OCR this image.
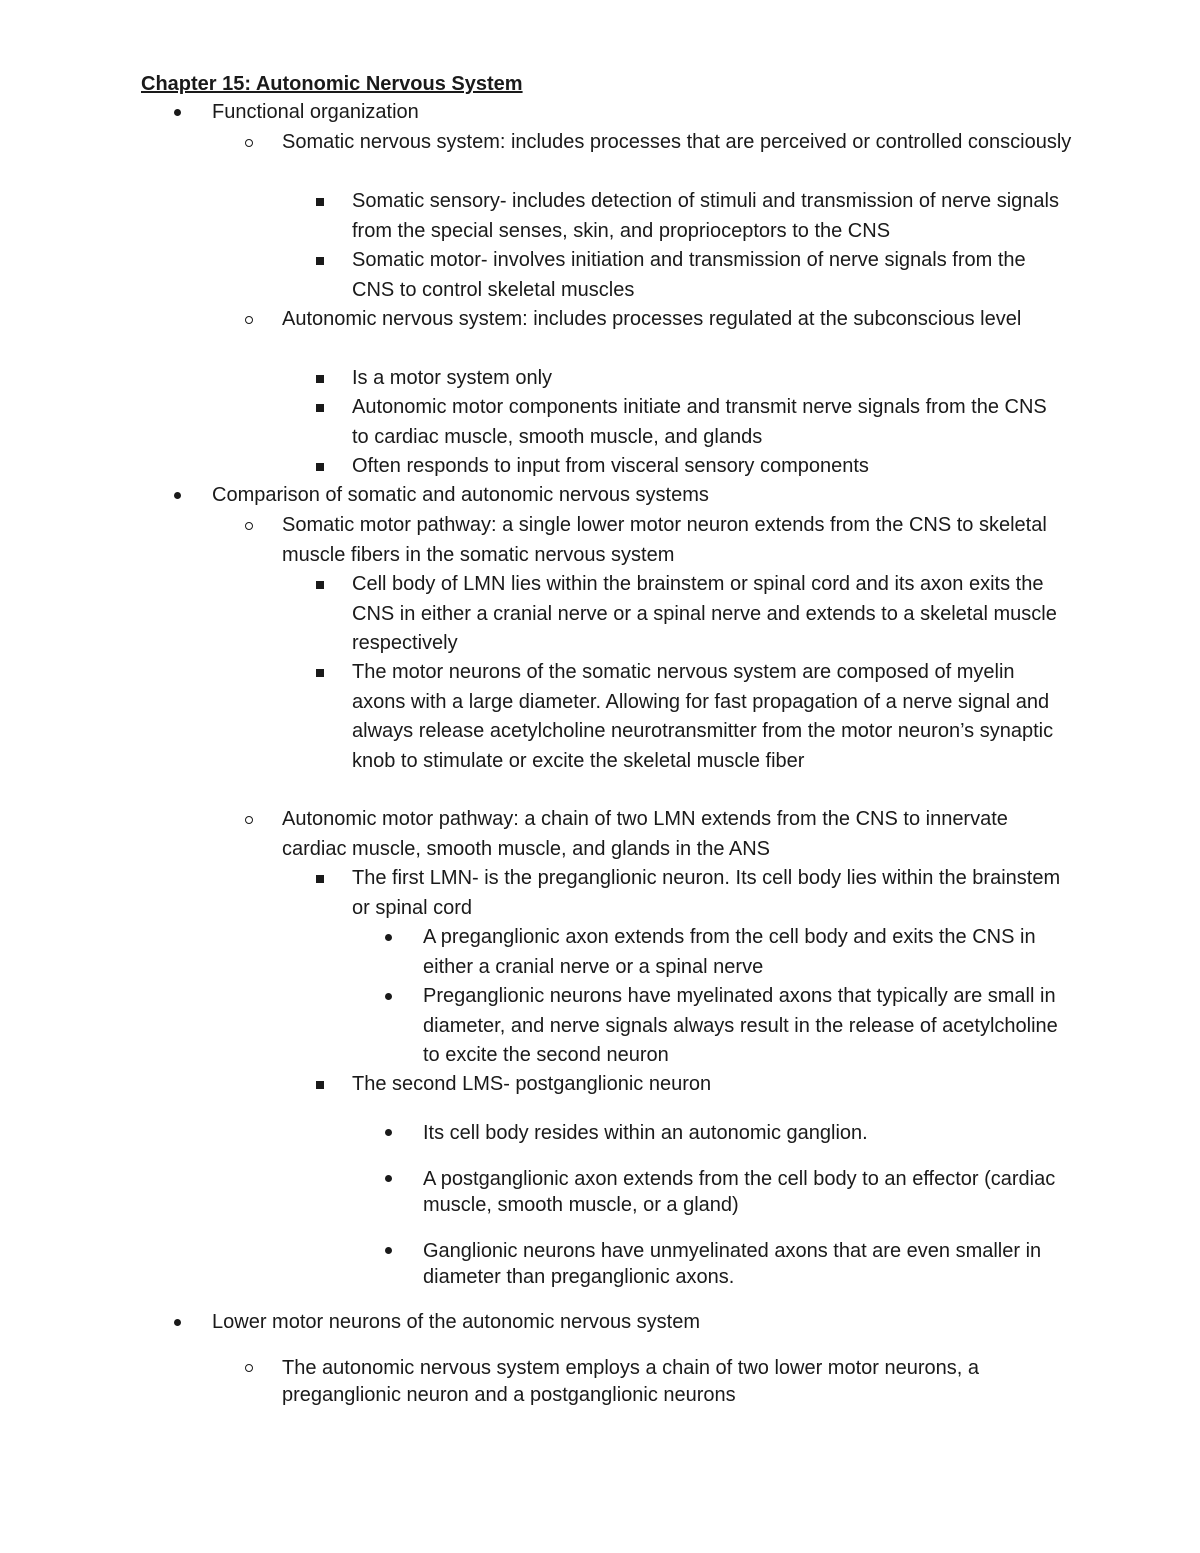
Chapter 15: Autonomic Nervous System
Functional organization
Somatic nervous system: includes processes that are perceived or controlled consciously
Somatic sensory- includes detection of stimuli and transmission of nerve signals from the special senses, skin, and proprioceptors to the CNS
Somatic motor- involves initiation and transmission of nerve signals from the CNS to control skeletal muscles
Autonomic nervous system: includes processes regulated at the subconscious level
Is a motor system only
Autonomic motor components initiate and transmit nerve signals from the CNS to cardiac muscle, smooth muscle, and glands
Often responds to input from visceral sensory components
Comparison of somatic and autonomic nervous systems
Somatic motor pathway: a single lower motor neuron extends from the CNS to skeletal muscle fibers in the somatic nervous system
Cell body of LMN lies within the brainstem or spinal cord and its axon exits the CNS in either a cranial nerve or a spinal nerve and extends to a skeletal muscle respectively
The motor neurons of the somatic nervous system are composed of myelin axons with a large diameter. Allowing for fast propagation of a nerve signal and always release acetylcholine neurotransmitter from the motor neuron’s synaptic knob to stimulate or excite the skeletal muscle fiber
Autonomic motor pathway: a chain of two LMN extends from the CNS to innervate cardiac muscle, smooth muscle, and glands in the ANS
The first LMN- is the preganglionic neuron. Its cell body lies within the brainstem or spinal cord
A preganglionic axon extends from the cell body and exits the CNS in either a cranial nerve or a spinal nerve
Preganglionic neurons have myelinated axons that typically are small in diameter, and nerve signals always result in the release of acetylcholine to excite the second neuron
The second LMS- postganglionic neuron
Its cell body resides within an autonomic ganglion.
A postganglionic axon extends from the cell body to an effector (cardiac muscle, smooth muscle, or a gland)
Ganglionic neurons have unmyelinated axons that are even smaller in diameter than preganglionic axons.
Lower motor neurons of the autonomic nervous system
The autonomic nervous system employs a chain of two lower motor neurons, a preganglionic neuron and a postganglionic neurons
